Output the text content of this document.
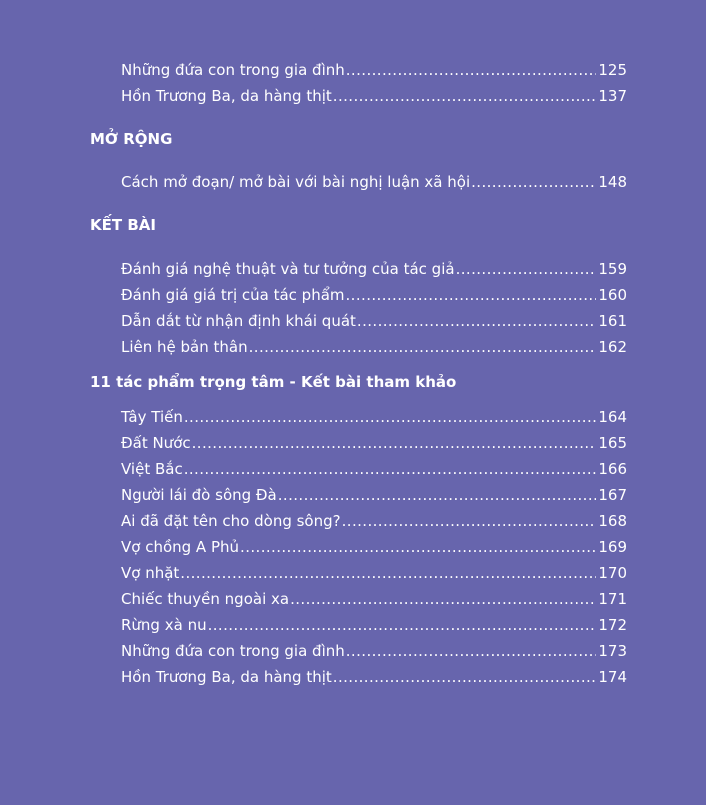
Những đứa con trong gia đình .....	125
Hồn Trương Ba, da hàng thịt .....	137
MỞ RỘNG
Cách mở đoạn/ mở bài với bài nghị luận xã hội .....	148
KẾT BÀI
Đánh giá nghệ thuật và tư tưởng của tác giả .....	159
Đánh giá giá trị của tác phẩm .....	160
Dẫn dắt từ nhận định khái quát .....	161
Liên hệ bản thân .....	162
11 tác phẩm trọng tâm - Kết bài tham khảo
Tây Tiến .....	164
Đất Nước .....	165
Việt Bắc .....	166
Người lái đò sông Đà .....	167
Ai đã đặt tên cho dòng sông? .....	168
Vợ chồng A Phủ .....	169
Vợ nhặt .....	170
Chiếc thuyền ngoài xa .....	171
Rừng xà nu .....	172
Những đứa con trong gia đình .....	173
Hồn Trương Ba, da hàng thịt .....	174
